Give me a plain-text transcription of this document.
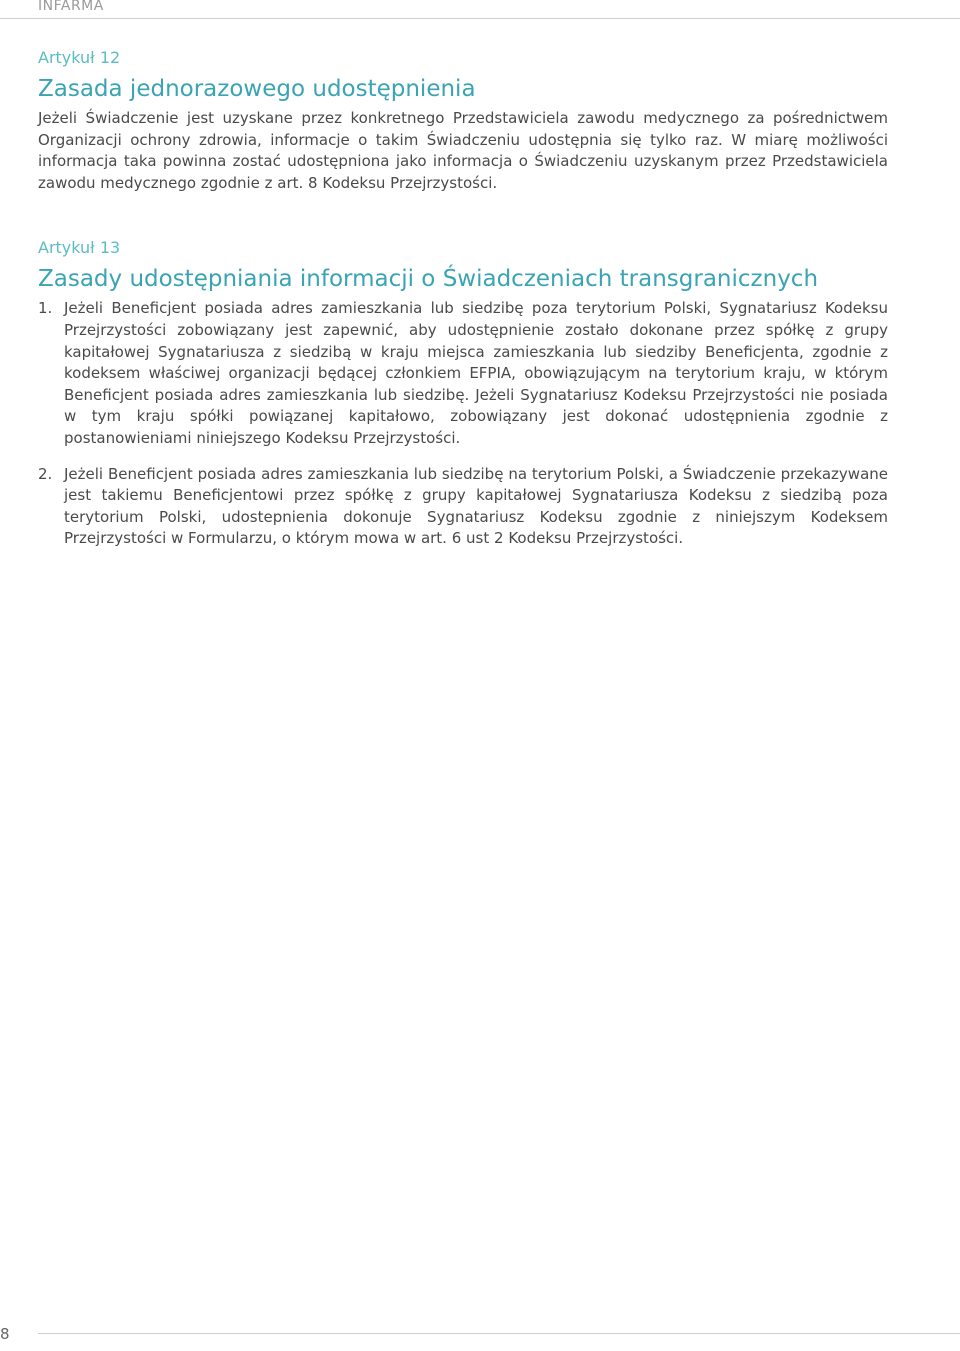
INFARMA

Artykuł 12

Zasada jednorazowego udostępnienia

Jeżeli Świadczenie jest uzyskane przez konkretnego Przedstawiciela zawodu medycznego za pośrednictwem Organizacji ochrony zdrowia, informacje o takim Świadczeniu udostępnia się tylko raz. W miarę możliwości informacja taka powinna zostać udostępniona jako informacja o Świadczeniu uzyskanym przez Przedstawiciela zawodu medycznego zgodnie z art. 8 Kodeksu Przejrzystości.

Artykuł 13

Zasady udostępniania informacji o Świadczeniach transgranicznych
1. Jeżeli Beneficjent posiada adres zamieszkania lub siedzibę poza terytorium Polski, Sygnatariusz Kodeksu Przejrzystości zobowiązany jest zapewnić, aby udostępnienie zostało dokonane przez spółkę z grupy kapitałowej Sygnatariusza z siedzibą w kraju miejsca zamieszkania lub siedziby Beneficjenta, zgodnie z kodeksem właściwej organizacji będącej członkiem EFPIA, obowiązującym na terytorium kraju, w którym Beneficjent posiada adres zamieszkania lub siedzibę. Jeżeli Sygnatariusz Kodeksu Przejrzystości nie posiada w tym kraju spółki powiązanej kapitałowo, zobowiązany jest dokonać udostępnienia zgodnie z postanowieniami niniejszego Kodeksu Przejrzystości.

2. Jeżeli Beneficjent posiada adres zamieszkania lub siedzibę na terytorium Polski, a Świadczenie przekazywane jest takiemu Beneficjentowi przez spółkę z grupy kapitałowej Sygnatariusza Kodeksu z siedzibą poza terytorium Polski, udostepnienia dokonuje Sygnatariusz Kodeksu zgodnie z niniejszym Kodeksem Przejrzystości w Formularzu, o którym mowa w art. 6 ust 2 Kodeksu Przejrzystości.

8
